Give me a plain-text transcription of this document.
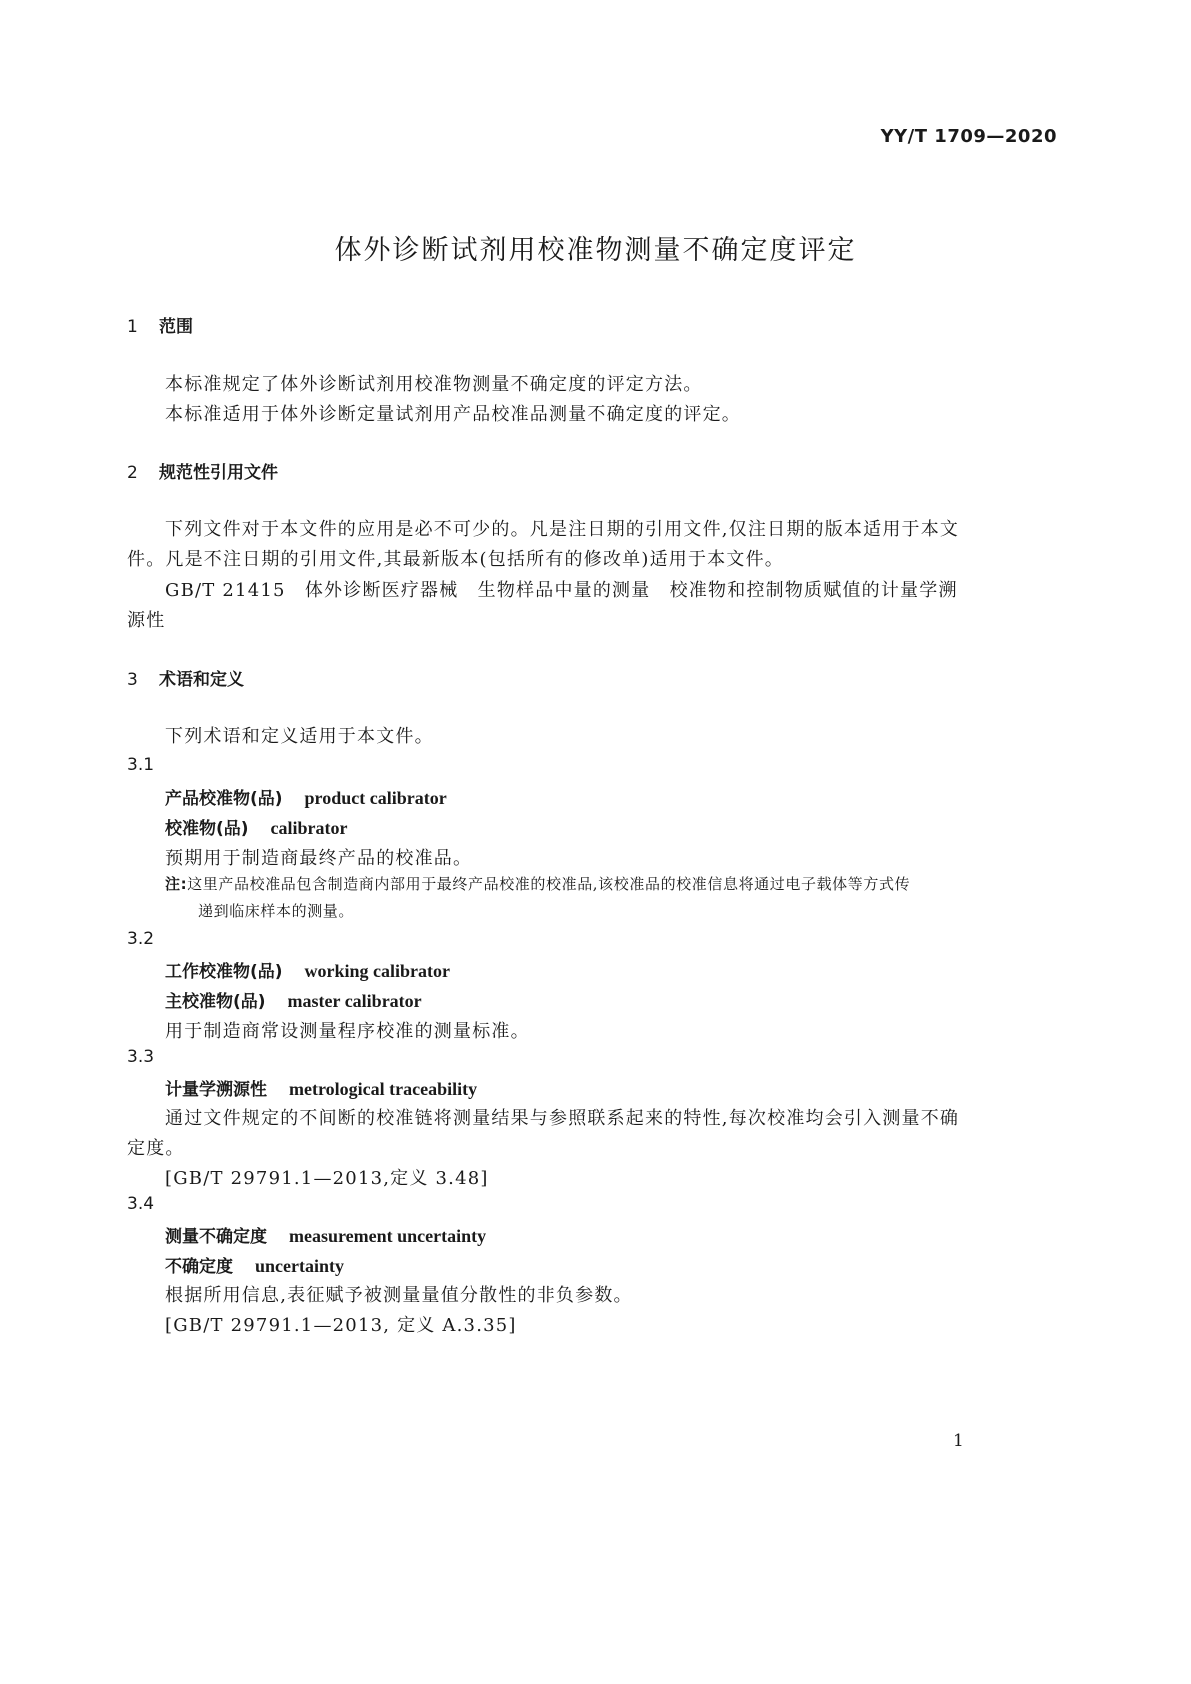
YY/T 1709—2020
体外诊断试剂用校准物测量不确定度评定
1 范围
本标准规定了体外诊断试剂用校准物测量不确定度的评定方法。
本标准适用于体外诊断定量试剂用产品校准品测量不确定度的评定。
2 规范性引用文件
下列文件对于本文件的应用是必不可少的。凡是注日期的引用文件,仅注日期的版本适用于本文
件。凡是不注日期的引用文件,其最新版本(包括所有的修改单)适用于本文件。
GB/T 21415　体外诊断医疗器械　生物样品中量的测量　校准物和控制物质赋值的计量学溯
源性
3 术语和定义
下列术语和定义适用于本文件。
3.1
产品校准物(品) product calibrator
校准物(品) calibrator
预期用于制造商最终产品的校准品。
注:这里产品校准品包含制造商内部用于最终产品校准的校准品,该校准品的校准信息将通过电子载体等方式传
递到临床样本的测量。
3.2
工作校准物(品) working calibrator
主校准物(品) master calibrator
用于制造商常设测量程序校准的测量标准。
3.3
计量学溯源性 metrological traceability
通过文件规定的不间断的校准链将测量结果与参照联系起来的特性,每次校准均会引入测量不确
定度。
[GB/T 29791.1—2013,定义 3.48]
3.4
测量不确定度 measurement uncertainty
不确定度 uncertainty
根据所用信息,表征赋予被测量量值分散性的非负参数。
[GB/T 29791.1—2013, 定义 A.3.35]
1
